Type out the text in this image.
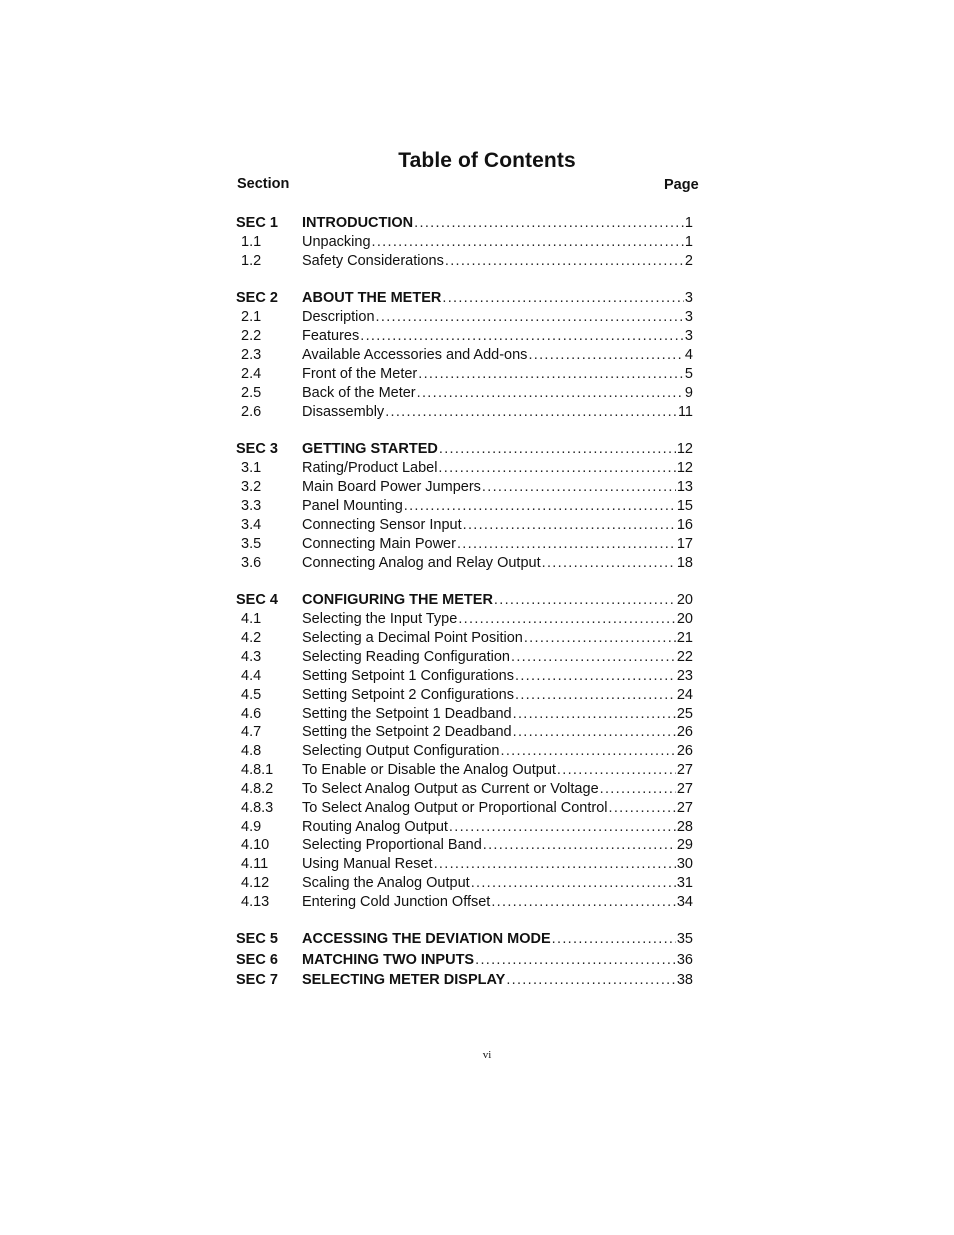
Table of Contents
Section	Page
SEC 1	INTRODUCTION .....	1
1.1	Unpacking .....	1
1.2	Safety Considerations .....	2
SEC 2	ABOUT THE METER .....	3
2.1	Description .....	3
2.2	Features .....	3
2.3	Available Accessories and Add-ons .....	4
2.4	Front of the Meter .....	5
2.5	Back of the Meter .....	9
2.6	Disassembly .....	11
SEC 3	GETTING STARTED .....	12
3.1	Rating/Product Label .....	12
3.2	Main Board Power Jumpers .....	13
3.3	Panel Mounting .....	15
3.4	Connecting Sensor Input .....	16
3.5	Connecting Main Power .....	17
3.6	Connecting Analog and Relay Output .....	18
SEC 4	CONFIGURING THE METER .....	20
4.1	Selecting the Input Type .....	20
4.2	Selecting a Decimal Point Position .....	21
4.3	Selecting Reading Configuration .....	22
4.4	Setting Setpoint 1 Configurations .....	23
4.5	Setting Setpoint 2 Configurations .....	24
4.6	Setting the Setpoint 1 Deadband .....	25
4.7	Setting the Setpoint 2 Deadband .....	26
4.8	Selecting Output Configuration .....	26
4.8.1	To Enable or Disable the Analog Output .....	27
4.8.2	To Select Analog Output as Current or Voltage .....	27
4.8.3	To Select Analog Output or Proportional Control .....	27
4.9	Routing Analog Output .....	28
4.10	Selecting Proportional Band .....	29
4.11	Using Manual Reset .....	30
4.12	Scaling the Analog Output .....	31
4.13	Entering Cold Junction Offset .....	34
SEC 5	ACCESSING THE DEVIATION MODE .....	35
SEC 6	MATCHING TWO INPUTS .....	36
SEC 7	SELECTING METER DISPLAY .....	38
vi
